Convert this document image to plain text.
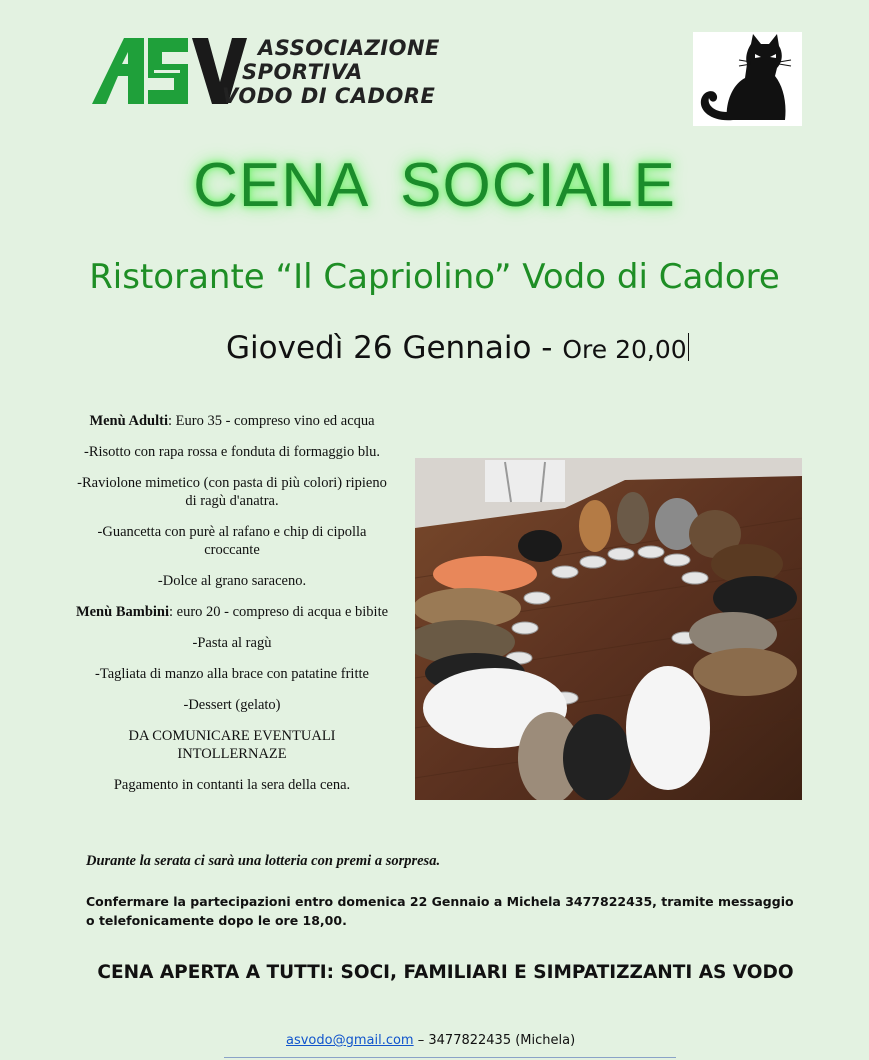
ASSOCIAZIONE
SPORTIVA
VODO DI CADORE
CENA SOCIALE
Ristorante “Il Capriolino” Vodo di Cadore
Giovedì 26 Gennaio - Ore 20,00

Menù Adulti: Euro 35 - compreso vino ed acqua

-Risotto con rapa rossa e fonduta di formaggio blu.

-Raviolone mimetico (con pasta di più colori) ripieno di ragù d'anatra.

-Guancetta con purè al rafano e chip di cipolla croccante

-Dolce al grano saraceno.

Menù Bambini: euro 20 - compreso di acqua e bibite

-Pasta al ragù

-Tagliata di manzo alla brace con patatine fritte

-Dessert (gelato)

DA COMUNICARE EVENTUALI INTOLLERNAZE

Pagamento in contanti la sera della cena.

Durante la serata ci sarà una lotteria con premi a sorpresa.
Confermare la partecipazioni entro domenica 22 Gennaio a Michela 3477822435, tramite messaggio o telefonicamente dopo le ore 18,00.
CENA APERTA A TUTTI: SOCI, FAMILIARI E SIMPATIZZANTI AS VODO
asvodo@gmail.com – 3477822435 (Michela)
